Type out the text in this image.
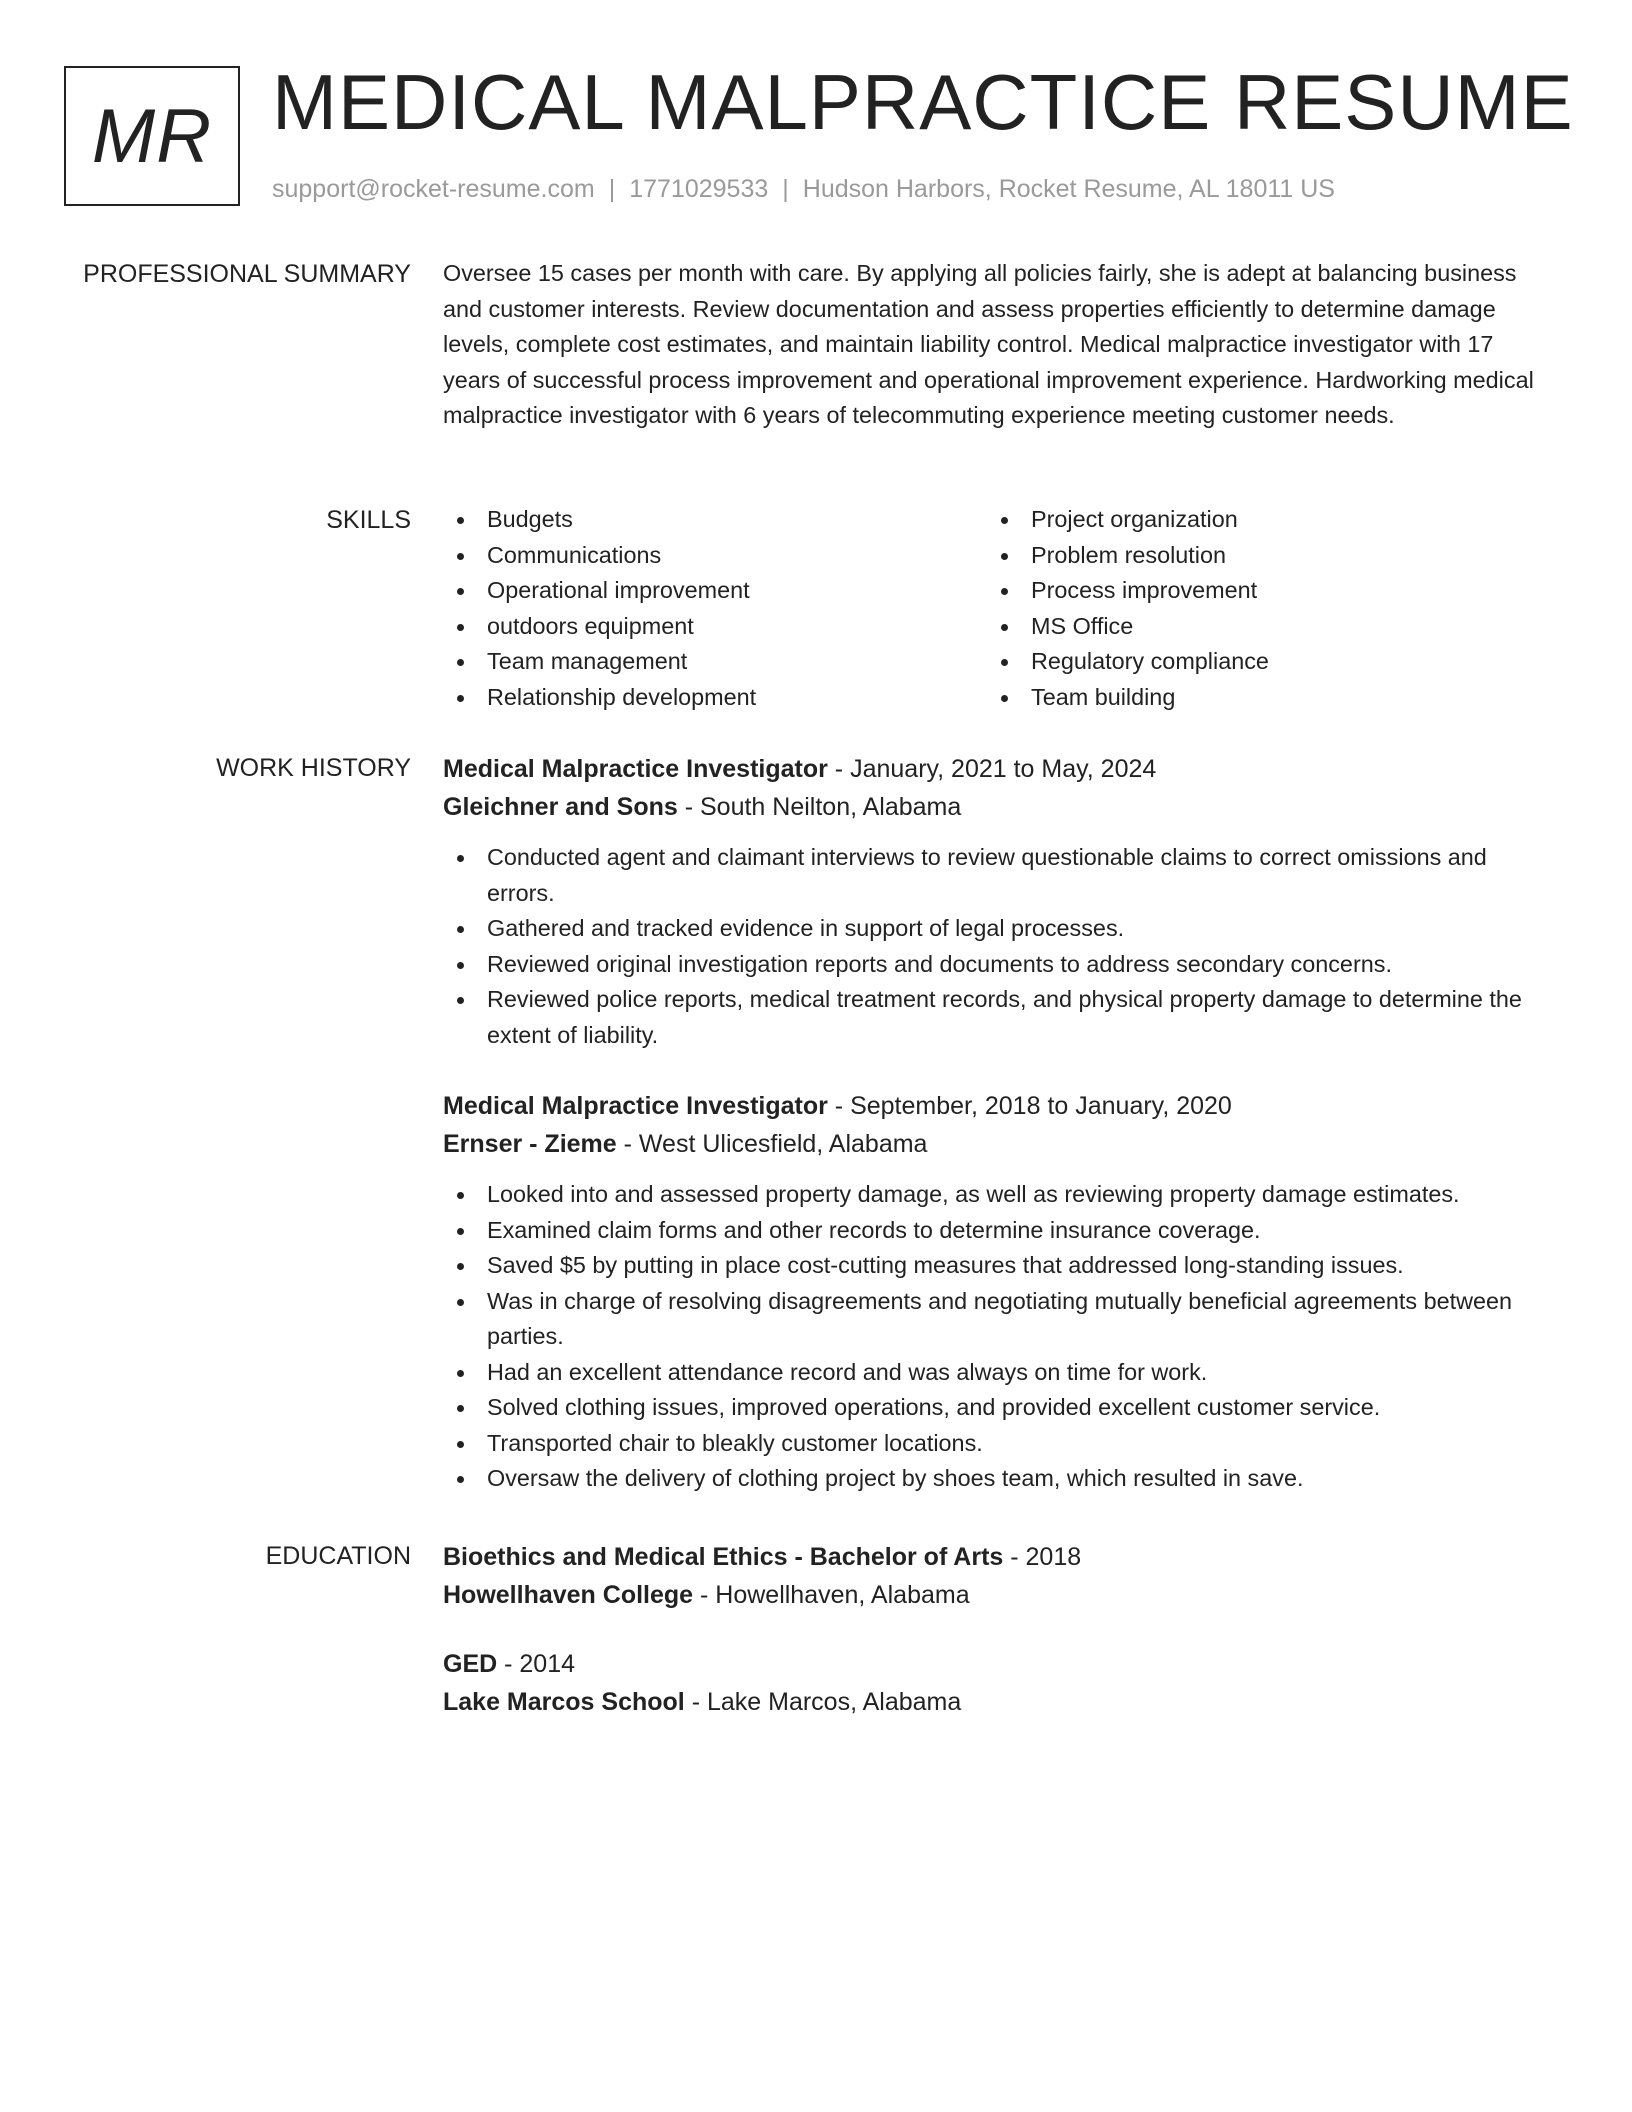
MR MEDICAL MALPRACTICE RESUME
support@rocket-resume.com | 1771029533 | Hudson Harbors, Rocket Resume, AL 18011 US
PROFESSIONAL SUMMARY Oversee 15 cases per month with care. By applying all policies fairly, she is adept at balancing business and customer interests. Review documentation and assess properties efficiently to determine damage levels, complete cost estimates, and maintain liability control. Medical malpractice investigator with 17 years of successful process improvement and operational improvement experience. Hardworking medical malpractice investigator with 6 years of telecommuting experience meeting customer needs.

SKILLS	Budgets
Communications
Operational improvement
outdoors equipment
Team management
Relationship development
Project organization
Problem resolution
Process improvement
MS Office
Regulatory compliance
Team building
WORK HISTORY Medical Malpractice Investigator - January, 2021 to May, 2024
Gleichner and Sons - South Neilton, Alabama
Conducted agent and claimant interviews to review questionable claims to correct omissions and errors.
Gathered and tracked evidence in support of legal processes.
Reviewed original investigation reports and documents to address secondary concerns.
Reviewed police reports, medical treatment records, and physical property damage to determine the extent of liability.
Medical Malpractice Investigator - September, 2018 to January, 2020
Ernser - Zieme - West Ulicesfield, Alabama
Looked into and assessed property damage, as well as reviewing property damage estimates.
Examined claim forms and other records to determine insurance coverage.
Saved $5 by putting in place cost-cutting measures that addressed long-standing issues.
Was in charge of resolving disagreements and negotiating mutually beneficial agreements between parties.
Had an excellent attendance record and was always on time for work.
Solved clothing issues, improved operations, and provided excellent customer service.
Transported chair to bleakly customer locations.
Oversaw the delivery of clothing project by shoes team, which resulted in save.
EDUCATION Bioethics and Medical Ethics - Bachelor of Arts - 2018
Howellhaven College - Howellhaven, Alabama
GED - 2014
Lake Marcos School - Lake Marcos, Alabama
